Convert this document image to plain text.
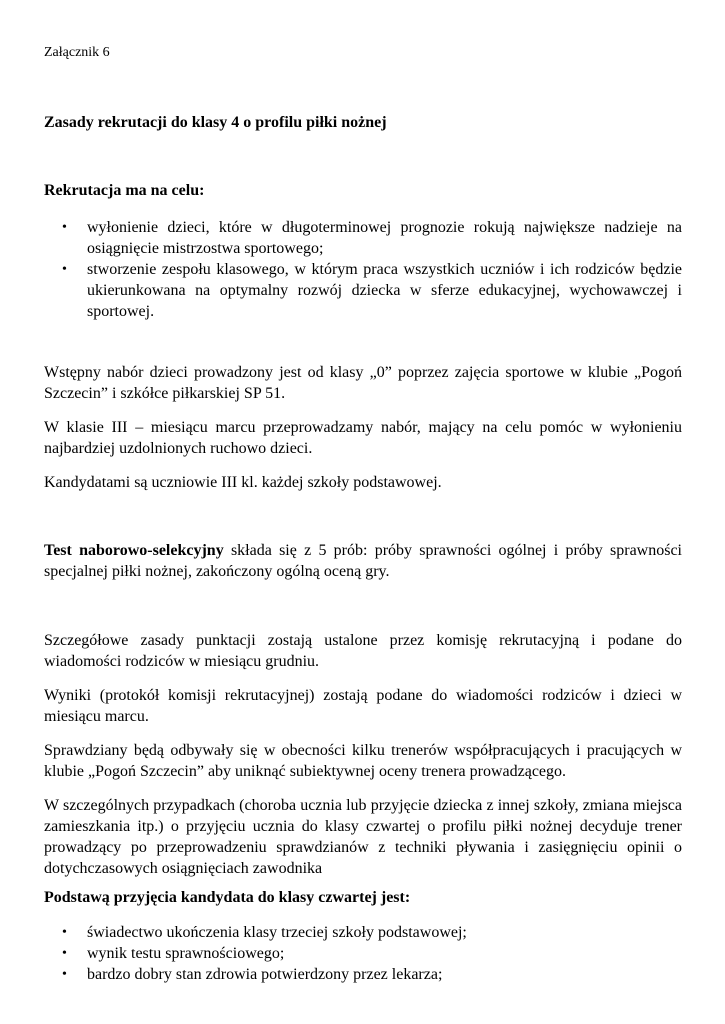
Załącznik 6
Zasady rekrutacji do klasy 4 o profilu piłki nożnej
Rekrutacja ma na celu:
• wyłonienie dzieci, które w długoterminowej prognozie rokują największe nadzieje na osiągnięcie mistrzostwa sportowego;
• stworzenie zespołu klasowego, w którym praca wszystkich uczniów i ich rodziców będzie ukierunkowana na optymalny rozwój dziecka w sferze edukacyjnej, wychowawczej i sportowej.

Wstępny nabór dzieci prowadzony jest od klasy „0” poprzez zajęcia sportowe w klubie „Pogoń Szczecin” i szkółce piłkarskiej SP 51.

W klasie III – miesiącu marcu przeprowadzamy nabór, mający na celu pomóc w wyłonieniu najbardziej uzdolnionych ruchowo dzieci.

Kandydatami są uczniowie III kl. każdej szkoły podstawowej.

Test naborowo-selekcyjny składa się z 5 prób: próby sprawności ogólnej i próby sprawności specjalnej piłki nożnej, zakończony ogólną oceną gry.

Szczegółowe zasady punktacji zostają ustalone przez komisję rekrutacyjną i podane do wiadomości rodziców w miesiącu grudniu.

Wyniki (protokół komisji rekrutacyjnej) zostają podane do wiadomości rodziców i dzieci w miesiącu marcu.

Sprawdziany będą odbywały się w obecności kilku trenerów współpracujących i pracujących w klubie „Pogoń Szczecin” aby uniknąć subiektywnej oceny trenera prowadzącego.

W szczególnych przypadkach (choroba ucznia lub przyjęcie dziecka z innej szkoły, zmiana miejsca zamieszkania itp.) o przyjęciu ucznia do klasy czwartej o profilu piłki nożnej decyduje trener prowadzący po przeprowadzeniu sprawdzianów z techniki pływania i zasięgnięciu opinii o dotychczasowych osiągnięciach zawodnika

Podstawą przyjęcia kandydata do klasy czwartej jest:
• świadectwo ukończenia klasy trzeciej szkoły podstawowej;
• wynik testu sprawnościowego;
• bardzo dobry stan zdrowia potwierdzony przez lekarza;
